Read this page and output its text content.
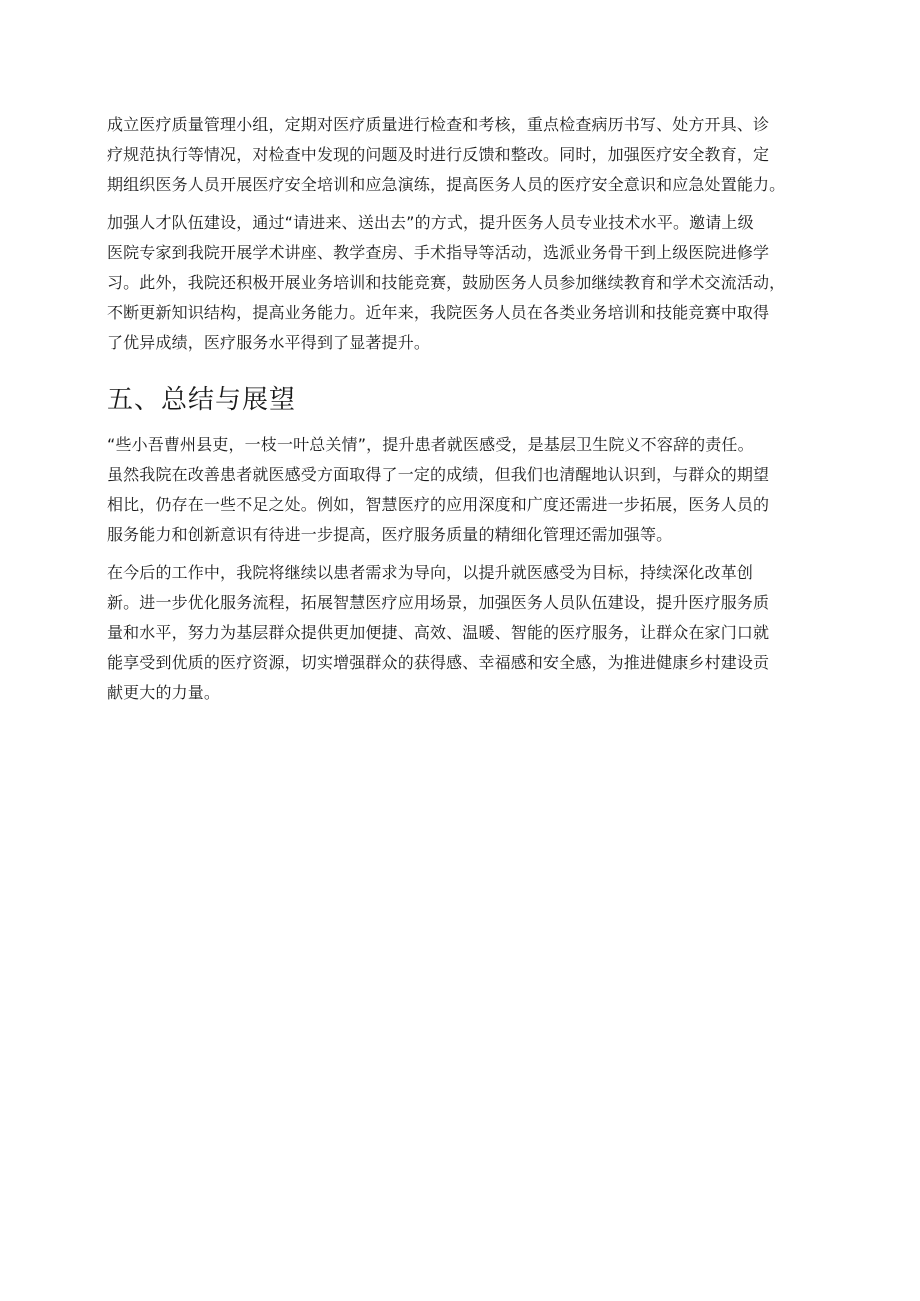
成立医疗质量管理小组，定期对医疗质量进行检查和考核，重点检查病历书写、处方开具、诊
疗规范执行等情况，对检查中发现的问题及时进行反馈和整改。同时，加强医疗安全教育，定
期组织医务人员开展医疗安全培训和应急演练，提高医务人员的医疗安全意识和应急处置能力。

加强人才队伍建设，通过“请进来、送出去”的方式，提升医务人员专业技术水平。邀请上级
医院专家到我院开展学术讲座、教学查房、手术指导等活动，选派业务骨干到上级医院进修学
习。此外，我院还积极开展业务培训和技能竞赛，鼓励医务人员参加继续教育和学术交流活动，
不断更新知识结构，提高业务能力。近年来，我院医务人员在各类业务培训和技能竞赛中取得
了优异成绩，医疗服务水平得到了显著提升。

五、总结与展望

“些小吾曹州县吏，一枝一叶总关情”，提升患者就医感受，是基层卫生院义不容辞的责任。
虽然我院在改善患者就医感受方面取得了一定的成绩，但我们也清醒地认识到，与群众的期望
相比，仍存在一些不足之处。例如，智慧医疗的应用深度和广度还需进一步拓展，医务人员的
服务能力和创新意识有待进一步提高，医疗服务质量的精细化管理还需加强等。

在今后的工作中，我院将继续以患者需求为导向，以提升就医感受为目标，持续深化改革创
新。进一步优化服务流程，拓展智慧医疗应用场景，加强医务人员队伍建设，提升医疗服务质
量和水平，努力为基层群众提供更加便捷、高效、温暖、智能的医疗服务，让群众在家门口就
能享受到优质的医疗资源，切实增强群众的获得感、幸福感和安全感，为推进健康乡村建设贡
献更大的力量。
